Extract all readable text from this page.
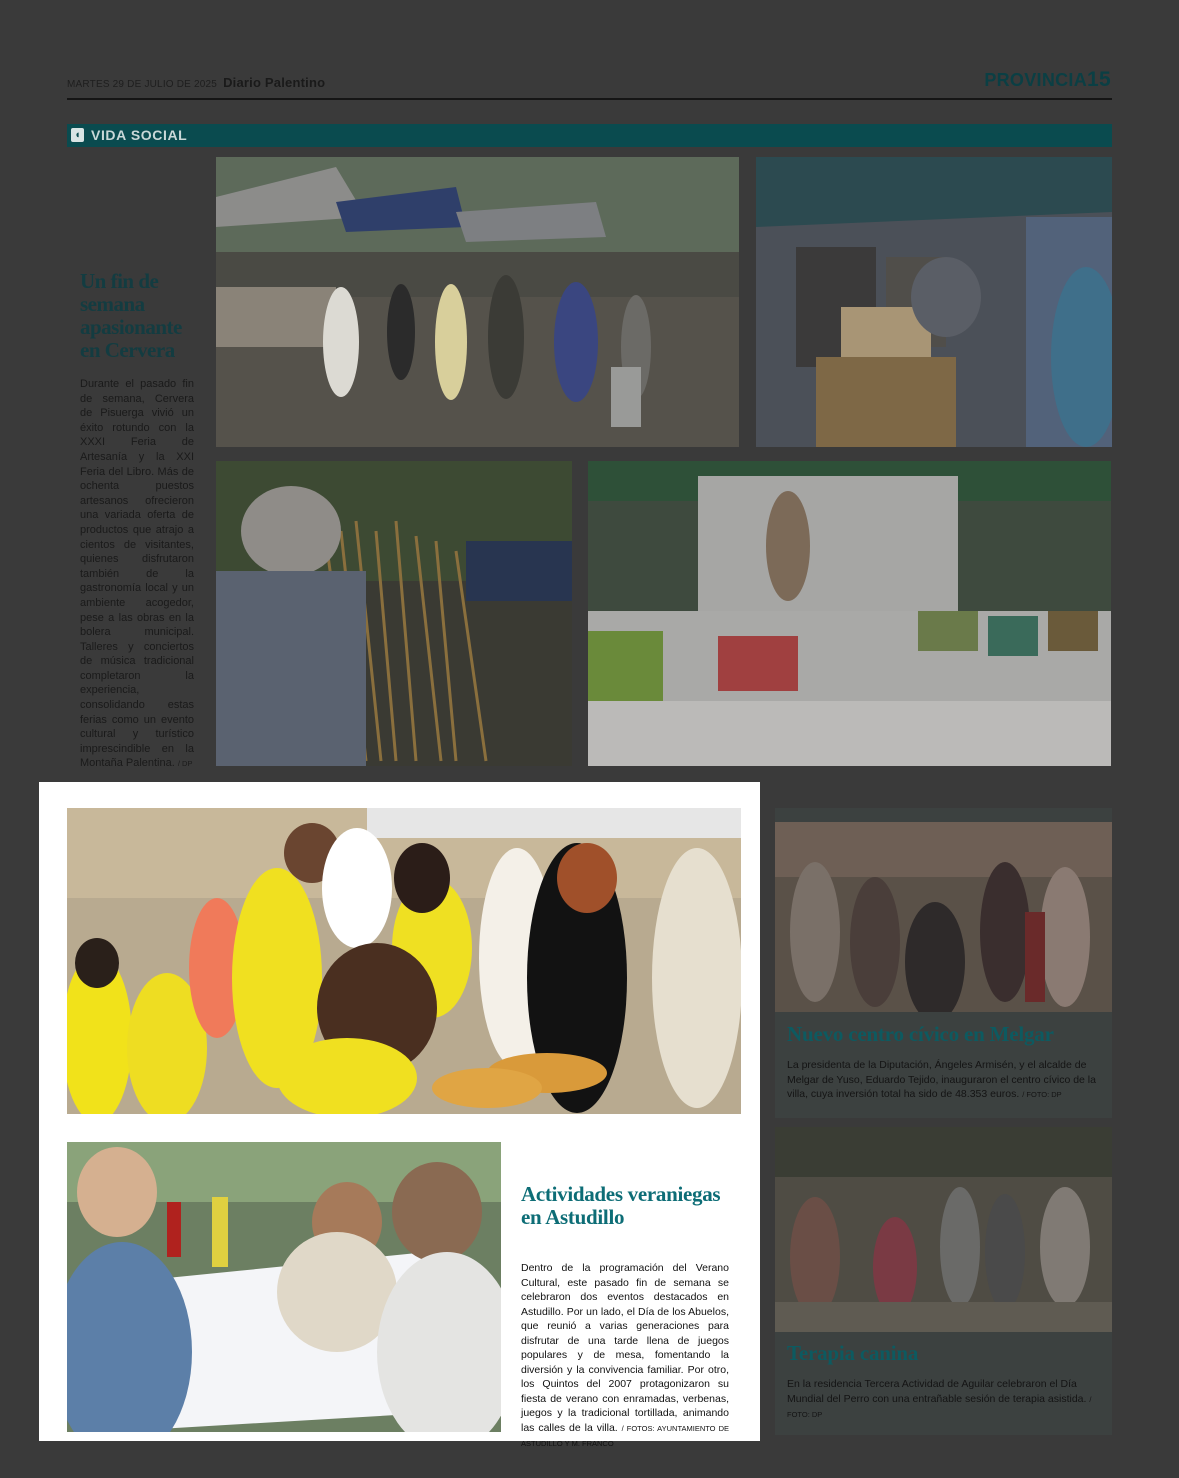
MARTES 29 DE JULIO DE 2025 Diario Palentino	PROVINCIA15
◖ VIDA SOCIAL
Un fin de semana apasionante en Cervera
Durante el pasado fin de semana, Cervera de Pisuerga vivió un éxito rotundo con la XXXI Feria de Artesanía y la XXI Feria del Libro. Más de ochenta puestos artesanos ofrecieron una variada oferta de productos que atrajo a cientos de visitantes, quienes disfrutaron también de la gastronomía local y un ambiente acogedor, pese a las obras en la bolera municipal. Talleres y conciertos de música tradicional completaron la experiencia, consolidando estas ferias como un evento cultural y turístico imprescindible en la Montaña Palentina. / DP
Nuevo centro cívico en Melgar
La presidenta de la Diputación, Ángeles Armisén, y el alcalde de Melgar de Yuso, Eduardo Tejido, inauguraron el centro cívico de la villa, cuya inversión total ha sido de 48.353 euros. / FOTO: DP
Terapia canina
En la residencia Tercera Actividad de Aguilar celebraron el Día Mundial del Perro con una entrañable sesión de terapia asistida. / FOTO: DP
Actividades veraniegas en Astudillo
Dentro de la programación del Verano Cultural, este pasado fin de semana se celebraron dos eventos destacados en Astudillo. Por un lado, el Día de los Abuelos, que reunió a varias generaciones para disfrutar de una tarde llena de juegos populares y de mesa, fomentando la diversión y la convivencia familiar. Por otro, los Quintos del 2007 protagonizaron su fiesta de verano con enramadas, verbenas, juegos y la tradicional tortillada, animando las calles de la villa. / FOTOS: AYUNTAMIENTO DE ASTUDILLO Y M. FRANCO
